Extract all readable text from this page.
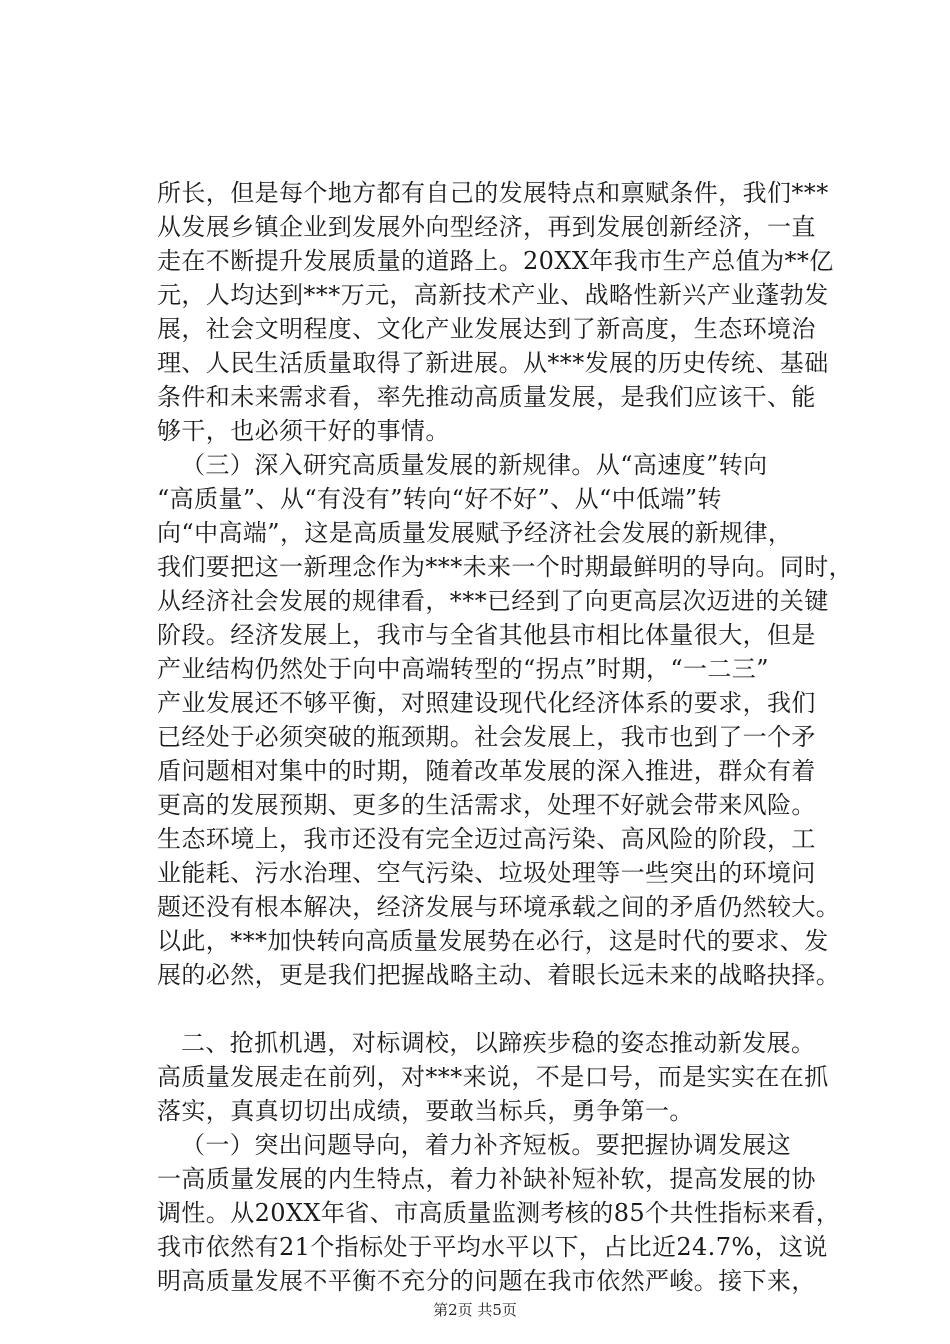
所长，但是每个地方都有自己的发展特点和禀赋条件，我们***
从发展乡镇企业到发展外向型经济，再到发展创新经济，一直
走在不断提升发展质量的道路上。20XX年我市生产总值为**亿
元，人均达到***万元，高新技术产业、战略性新兴产业蓬勃发
展，社会文明程度、文化产业发展达到了新高度，生态环境治
理、人民生活质量取得了新进展。从***发展的历史传统、基础
条件和未来需求看，率先推动高质量发展，是我们应该干、能
够干，也必须干好的事情。
（三）深入研究高质量发展的新规律。从“高速度”转向
“高质量”、从“有没有”转向“好不好”、从“中低端”转
向“中高端”，这是高质量发展赋予经济社会发展的新规律，
我们要把这一新理念作为***未来一个时期最鲜明的导向。同时，
从经济社会发展的规律看，***已经到了向更高层次迈进的关键
阶段。经济发展上，我市与全省其他县市相比体量很大，但是
产业结构仍然处于向中高端转型的“拐点”时期，“一二三”
产业发展还不够平衡，对照建设现代化经济体系的要求，我们
已经处于必须突破的瓶颈期。社会发展上，我市也到了一个矛
盾问题相对集中的时期，随着改革发展的深入推进，群众有着
更高的发展预期、更多的生活需求，处理不好就会带来风险。
生态环境上，我市还没有完全迈过高污染、高风险的阶段，工
业能耗、污水治理、空气污染、垃圾处理等一些突出的环境问
题还没有根本解决，经济发展与环境承载之间的矛盾仍然较大。
以此，***加快转向高质量发展势在必行，这是时代的要求、发
展的必然，更是我们把握战略主动、着眼长远未来的战略抉择。
二、抢抓机遇，对标调校，以蹄疾步稳的姿态推动新发展。
高质量发展走在前列，对***来说，不是口号，而是实实在在抓
落实，真真切切出成绩，要敢当标兵，勇争第一。
（一）突出问题导向，着力补齐短板。要把握协调发展这
一高质量发展的内生特点，着力补缺补短补软，提高发展的协
调性。从20XX年省、市高质量监测考核的85个共性指标来看，
我市依然有21个指标处于平均水平以下，占比近24.7%，这说
明高质量发展不平衡不充分的问题在我市依然严峻。接下来，
第2页 共5页
